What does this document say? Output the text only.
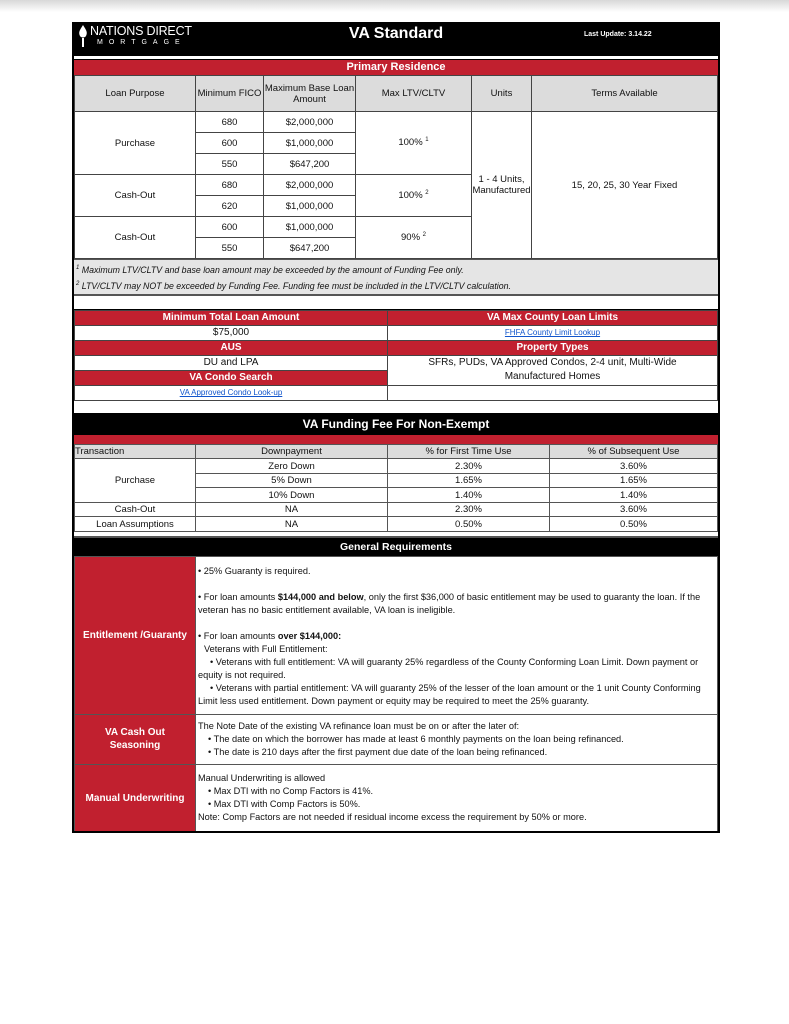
NATIONS DIRECT
MORTGAGE
VA Standard	Last Update: 3.14.22
Primary Residence
Loan Purpose	Minimum FICO	Maximum Base Loan Amount	Max LTV/CLTV	Units	Terms Available
Purchase	680	$2,000,000	100% $^1$	1 - 4 Units, Manufactured	15, 20, 25, 30 Year Fixed
	600	$1,000,000			
	550	$647,200			
Cash-Out	680	$2,000,000	100% $^2$
	620	$1,000,000			
Cash-Out	600	$1,000,000	90% $^2$
	550	$647,200			
$^1$ Maximum LTV/CLTV and base loan amount may be exceeded by the amount of Funding Fee only.
$^2$ LTV/CLTV may NOT be exceeded by Funding Fee. Funding fee must be included in the LTV/CLTV calculation.
Minimum Total Loan Amount	VA Max County Loan Limits
$75,000	FHFA County Limit Lookup
AUS	Property Types
DU and LPA	SFRs, PUDs, VA Approved Condos, 2-4 unit, Multi-Wide Manufactured Homes
VA Condo Search	
VA Approved Condo Look-up	
VA Funding Fee For Non-Exempt
Transaction	Downpayment	% for First Time Use	% of Subsequent Use
Purchase	Zero Down	2.30%	3.60%
	5% Down	1.65%	1.65%
	10% Down	1.40%	1.40%
Cash-Out	NA	2.30%	3.60%
Loan Assumptions	NA	0.50%	0.50%
General Requirements
Entitlement /Guaranty	

• 25% Guaranty is required.

• For loan amounts $144,000 and below, only the first $36,000 of basic entitlement may be used to guaranty the loan. If the veteran has no basic entitlement available, VA loan is ineligible.

• For loan amounts over $144,000:

Veterans with Full Entitlement:

• Veterans with full entitlement: VA will guaranty 25% regardless of the County Conforming Loan Limit. Down payment or equity is not required.

• Veterans with partial entitlement: VA will guaranty 25% of the lesser of the loan amount or the 1 unit County Conforming Limit less used entitlement. Down payment or equity may be required to meet the 25% guaranty.

VA Cash Out Seasoning	The Note Date of the existing VA refinance loan must be on or after the later of:

• The date on which the borrower has made at least 6 monthly payments on the loan being refinanced.

• The date is 210 days after the first payment due date of the loan being refinanced.

Manual Underwriting	Manual Underwriting is allowed

• Max DTI with no Comp Factors is 41%.

• Max DTI with Comp Factors is 50%.

Note: Comp Factors are not needed if residual income excess the requirement by 50% or more.
